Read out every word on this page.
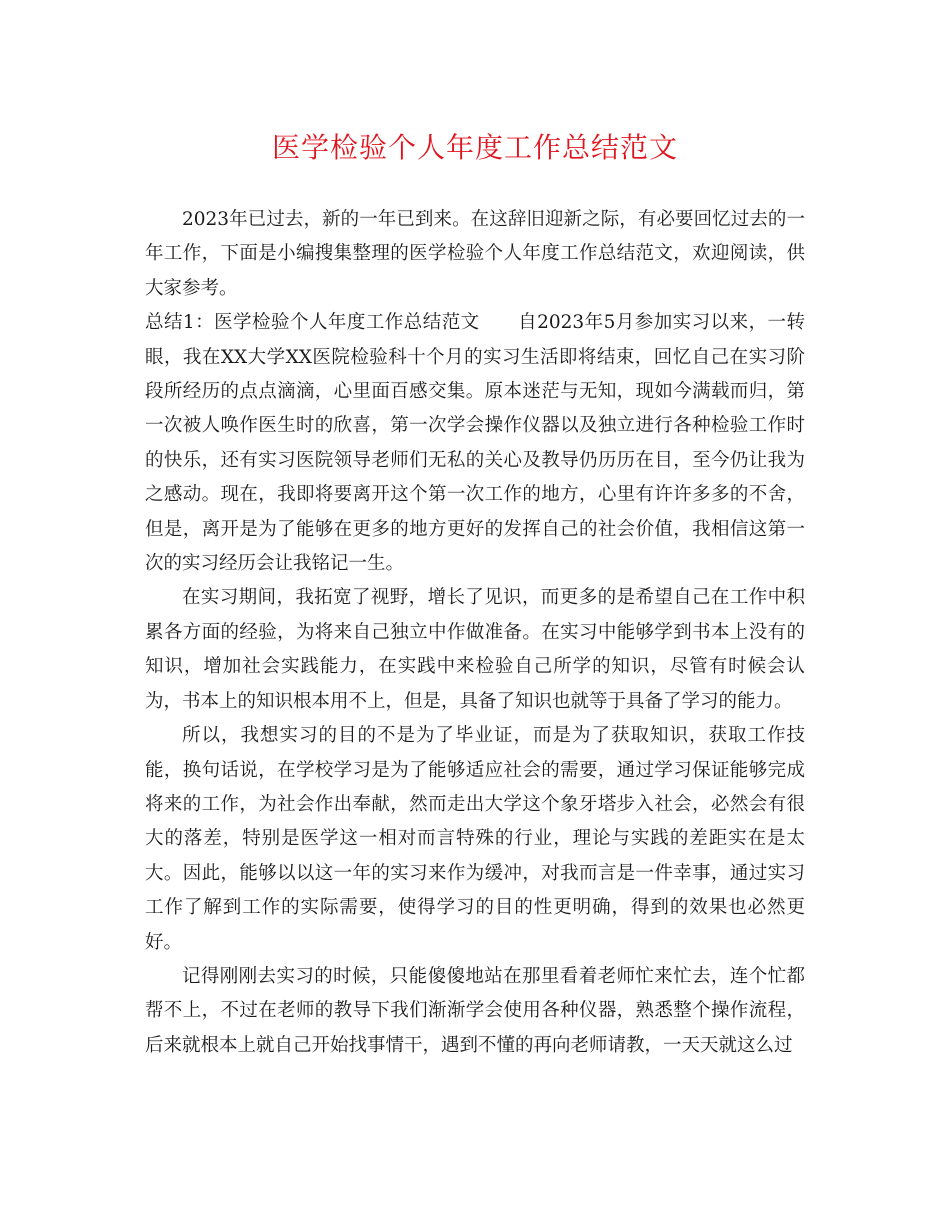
医学检验个人年度工作总结范文

2023年已过去，新的一年已到来。在这辞旧迎新之际，有必要回忆过去的一年工作，下面是小编搜集整理的医学检验个人年度工作总结范文，欢迎阅读，供大家参考。

总结1：医学检验个人年度工作总结范文 自2023年5月参加实习以来，一转眼，我在XX大学XX医院检验科十个月的实习生活即将结束，回忆自己在实习阶段所经历的点点滴滴，心里面百感交集。原本迷茫与无知，现如今满载而归，第一次被人唤作医生时的欣喜，第一次学会操作仪器以及独立进行各种检验工作时的快乐，还有实习医院领导老师们无私的关心及教导仍历历在目，至今仍让我为之感动。现在，我即将要离开这个第一次工作的地方，心里有许许多多的不舍，但是，离开是为了能够在更多的地方更好的发挥自己的社会价值，我相信这第一次的实习经历会让我铭记一生。

在实习期间，我拓宽了视野，增长了见识，而更多的是希望自己在工作中积累各方面的经验，为将来自己独立中作做准备。在实习中能够学到书本上没有的知识，增加社会实践能力，在实践中来检验自己所学的知识，尽管有时候会认为，书本上的知识根本用不上，但是，具备了知识也就等于具备了学习的能力。

所以，我想实习的目的不是为了毕业证，而是为了获取知识，获取工作技能，换句话说，在学校学习是为了能够适应社会的需要，通过学习保证能够完成将来的工作，为社会作出奉献，然而走出大学这个象牙塔步入社会，必然会有很大的落差，特别是医学这一相对而言特殊的行业，理论与实践的差距实在是太大。因此，能够以以这一年的实习来作为缓冲，对我而言是一件幸事，通过实习工作了解到工作的实际需要，使得学习的目的性更明确，得到的效果也必然更好。

记得刚刚去实习的时候，只能傻傻地站在那里看着老师忙来忙去，连个忙都帮不上，不过在老师的教导下我们渐渐学会使用各种仪器，熟悉整个操作流程，后来就根本上就自己开始找事情干，遇到不懂的再向老师请教，一天天就这么过
